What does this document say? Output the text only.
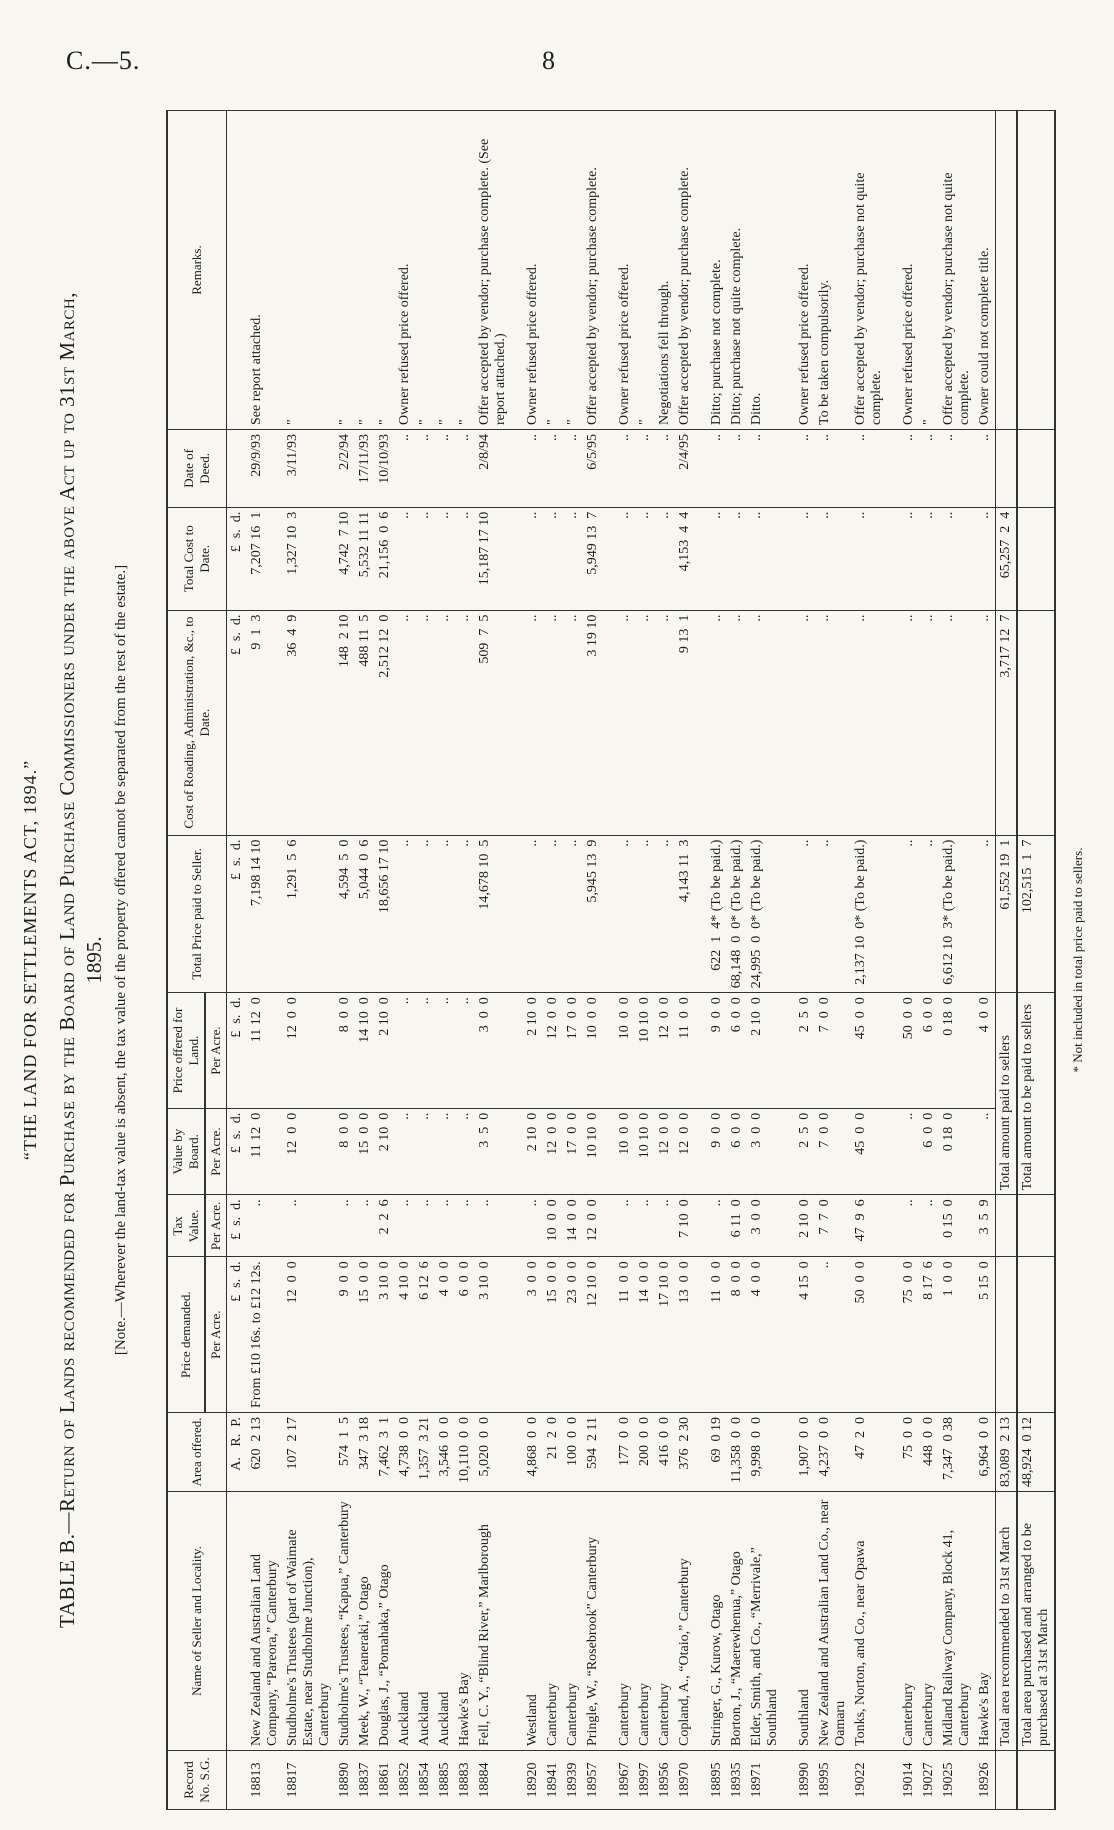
C.—5.	8
“THE LAND FOR SETTLEMENTS ACT, 1894.”
TABLE B.—Return of Lands recommended for Purchase by the Board of Land Purchase Commissioners under the above Act up to 31st March, 1895. [Note.—Wherever the land-tax value is absent, the tax value of the property offered cannot be separated from the rest of the estate.]
Record No. S.G.	Name of Seller and Locality.	Area offered.	Price demanded.	Tax Value.	Value by Board.	Price offered for Land.	Total Price paid to Seller.	Cost of Roading, Administration, &c., to Date.	Total Cost to Date.	Date of Deed.	Remarks.
			Per Acre.	Per Acre.	Per Acre.	Per Acre.					
		A.   R.  P.	£  s.  d.	£  s.  d.	£  s.  d.	£  s.  d.	£  s.  d.	£  s.  d.	£  s.  d.		
18813	New Zealand and Australian Land Company, “Pareora,” Canterbury	620  2 13	From £10 16s. to £12 12s.	..	11 12  0	11 12  0	7,198 14 10	9  1  3	7,207 16  1	29/9/93	See report attached.
18817	Studholme's Trustees (part of Waimate Estate, near Studholme Junction), Canterbury	107  2 17	12  0  0	..	12  0  0	12  0  0	1,291  5  6	36  4  9	1,327 10  3	3/11/93	"
18890	Studholme's Trustees, “Kapua,” Canterbury	574  1  5	9  0  0	..	8  0  0	8  0  0	4,594  5  0	148  2 10	4,742  7 10	2/2/94	"
18837	Meek, W., “Teaneraki,” Otago	347  3 18	15  0  0	..	15  0  0	14 10  0	5,044  0  6	488 11  5	5,532 11 11	17/11/93	"
18861	Douglas, J., “Pomahaka,” Otago	7,462  3  1	3 10  0	2  2  6	2 10  0	2 10  0	18,656 17 10	2,512 12  0	21,156  0  6	10/10/93	"
18852	Auckland	4,738  0  0	4 10  0	..	..	..	..	..	..	..	Owner refused price offered.
18854	Auckland	1,357  3 21	6 12  6	..	..	..	..	..	..	..	"
18885	Auckland	3,546  0  0	4  0  0	..	..	..	..	..	..	..	"
18883	Hawke's Bay	10,110  0  0	6  0  0	..	..	..	..	..	..	..	"
18884	Fell, C. Y., “Blind River,” Marlborough	5,020  0  0	3 10  0	..	3  5  0	3  0  0	14,678 10  5	509  7  5	15,187 17 10	2/8/94	Offer accepted by vendor; purchase complete. (See report attached.)

18920	Westland	4,868  0  0	3  0  0	..	2 10  0	2 10  0	..	..	..	..	Owner refused price offered.
18941	Canterbury	21  2  0	15  0  0	10  0  0	12  0  0	12  0  0	..	..	..	..	"
18939	Canterbury	100  0  0	23  0  0	14  0  0	17  0  0	17  0  0	..	..	..	..	"
18957	Pringle, W., “Rosebrook” Canterbury	594  2 11	12 10  0	12  0  0	10 10  0	10  0  0	5,945 13  9	3 19 10	5,949 13  7	6/5/95	Offer accepted by vendor; purchase complete.

18967	Canterbury	177  0  0	11  0  0	..	10  0  0	10  0  0	..	..	..	..	Owner refused price offered.
18997	Canterbury	200  0  0	14  0  0	..	10 10  0	10 10  0	..	..	..	..	"
18956	Canterbury	416  0  0	17 10  0	..	12  0  0	12  0  0	..	..	..	..	Negotiations fell through.
18970	Copland, A., “Otaio,” Canterbury	376  2 30	13  0  0	7 10  0	12  0  0	11  0  0	4,143 11  3	9 13  1	4,153  4  4	2/4/95	Offer accepted by vendor; purchase complete.

18895	Stringer, G., Kurow, Otago	69  0 19	11  0  0	..	9  0  0	9  0  0	622  1  4* (To be paid.)	..	..	..	Ditto; purchase not complete.
18935	Borton, J., “Maerewhenua,” Otago	11,358  0  0	8  0  0	6 11  0	6  0  0	6  0  0	68,148  0  0* (To be paid.)	..	..	..	Ditto; purchase not quite complete.
18971	Elder, Smith, and Co., “Merrivale,” Southland	9,998  0  0	4  0  0	3  0  0	3  0  0	2 10  0	24,995  0  0* (To be paid.)	..	..	..	Ditto.

18990	Southland	1,907  0  0	4 15  0	2 10  0	2  5  0	2  5  0	..	..	..	..	Owner refused price offered.
18995	New Zealand and Australian Land Co., near Oamaru	4,237  0  0	..	7  7  0	7  0  0	7  0  0	..	..	..	..	To be taken compulsorily.
19022	Tonks, Norton, and Co., near Opawa	47  2  0	50  0  0	47  9  6	45  0  0	45  0  0	2,137 10  0* (To be paid.)	..	..	..	Offer accepted by vendor; purchase not quite complete.

19014	Canterbury	75  0  0	75  0  0	..	..	50  0  0	..	..	..	..	Owner refused price offered.
19027	Canterbury	448  0  0	8 17  6	..	6  0  0	6  0  0	..	..	..	..	"
19025	Midland Railway Company, Block 41, Canterbury	7,347  0 38	1  0  0	0 15  0	0 18  0	0 18  0	6,612 10  3* (To be paid.)	..	..	..	Offer accepted by vendor; purchase not quite complete.
18926	Hawke's Bay	6,964  0  0	5 15  0	3  5  9	..	4  0  0	..	..	..	..	Owner could not complete title.
	Total area recommended to 31st March	83,089  2 13			Total amount paid to sellers		61,552 19  1	3,717 12  7	65,257  2  4		
	Total area purchased and arranged to be purchased at 31st March	48,924  0 12			Total amount to be paid to sellers		102,515  1  7					* Not included in total price paid to sellers.
